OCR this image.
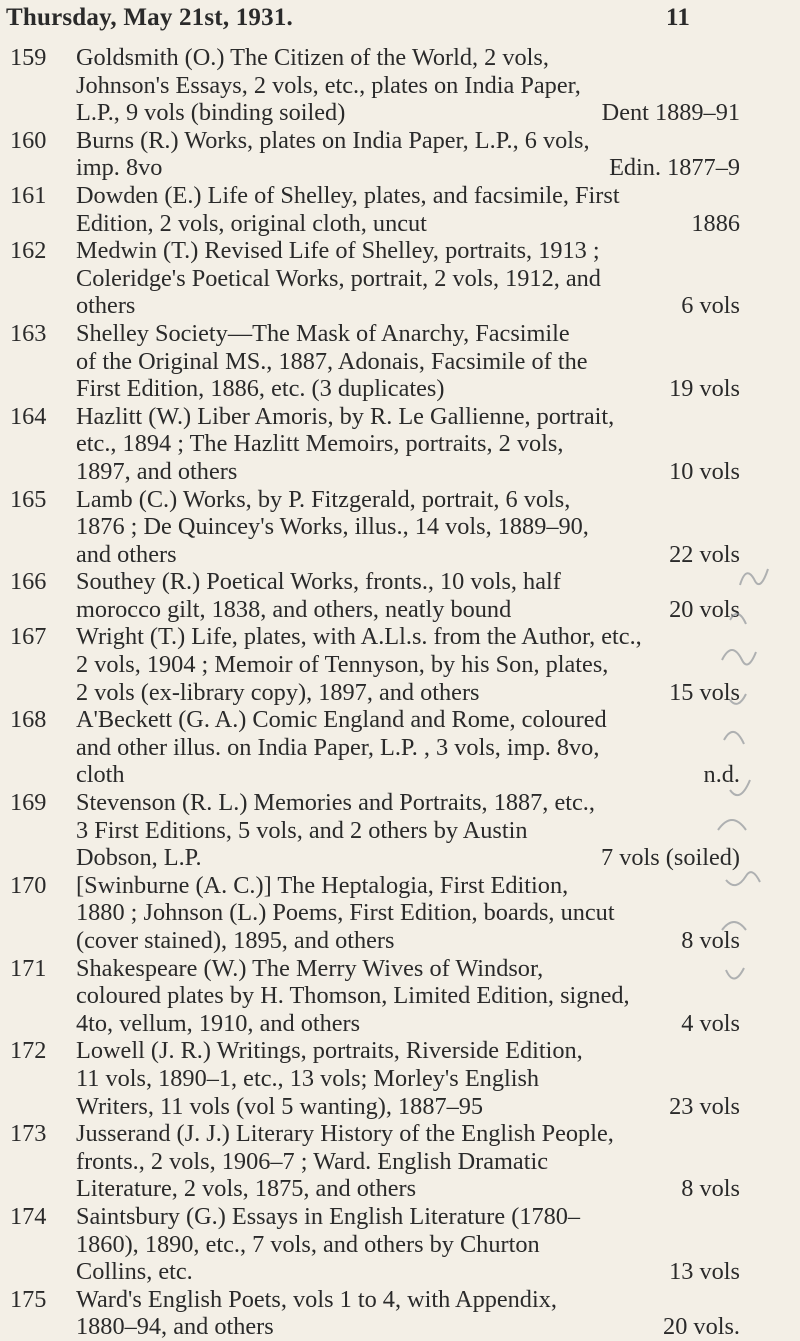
Thursday, May 21st, 1931.	11
159	Goldsmith (O.) The Citizen of the World, 2 vols,
Johnson's Essays, 2 vols, etc., plates on India Paper,
L.P., 9 vols (binding soiled)	Dent 1889–91
160	Burns (R.) Works, plates on India Paper, L.P., 6 vols,
imp. 8vo	Edin. 1877–9
161	Dowden (E.) Life of Shelley, plates, and facsimile, First
Edition, 2 vols, original cloth, uncut	1886
162	Medwin (T.) Revised Life of Shelley, portraits, 1913 ;
Coleridge's Poetical Works, portrait, 2 vols, 1912, and
others	6 vols
163	Shelley Society—The Mask of Anarchy, Facsimile
of the Original MS., 1887, Adonais, Facsimile of the
First Edition, 1886, etc. (3 duplicates)	19 vols
164	Hazlitt (W.) Liber Amoris, by R. Le Gallienne, portrait,
etc., 1894 ; The Hazlitt Memoirs, portraits, 2 vols,
1897, and others	10 vols
165	Lamb (C.) Works, by P. Fitzgerald, portrait, 6 vols,
1876 ; De Quincey's Works, illus., 14 vols, 1889–90,
and others	22 vols
166	Southey (R.) Poetical Works, fronts., 10 vols, half
morocco gilt, 1838, and others, neatly bound	20 vols
167	Wright (T.) Life, plates, with A.Ll.s. from the Author, etc.,
2 vols, 1904 ; Memoir of Tennyson, by his Son, plates,
2 vols (ex-library copy), 1897, and others	15 vols
168	A'Beckett (G. A.) Comic England and Rome, coloured
and other illus. on India Paper, L.P. , 3 vols, imp. 8vo,
cloth	n.d.
169	Stevenson (R. L.) Memories and Portraits, 1887, etc.,
3 First Editions, 5 vols, and 2 others by Austin
Dobson, L.P.	7 vols (soiled)
170	[Swinburne (A. C.)] The Heptalogia, First Edition,
1880 ; Johnson (L.) Poems, First Edition, boards, uncut
(cover stained), 1895, and others	8 vols
171	Shakespeare (W.) The Merry Wives of Windsor,
coloured plates by H. Thomson, Limited Edition, signed,
4to, vellum, 1910, and others	4 vols
172	Lowell (J. R.) Writings, portraits, Riverside Edition,
11 vols, 1890–1, etc., 13 vols; Morley's English
Writers, 11 vols (vol 5 wanting), 1887–95	23 vols
173	Jusserand (J. J.) Literary History of the English People,
fronts., 2 vols, 1906–7 ; Ward. English Dramatic
Literature, 2 vols, 1875, and others	8 vols
174	Saintsbury (G.) Essays in English Literature (1780–
1860), 1890, etc., 7 vols, and others by Churton
Collins, etc.	13 vols
175	Ward's English Poets, vols 1 to 4, with Appendix,
1880–94, and others	20 vols.
